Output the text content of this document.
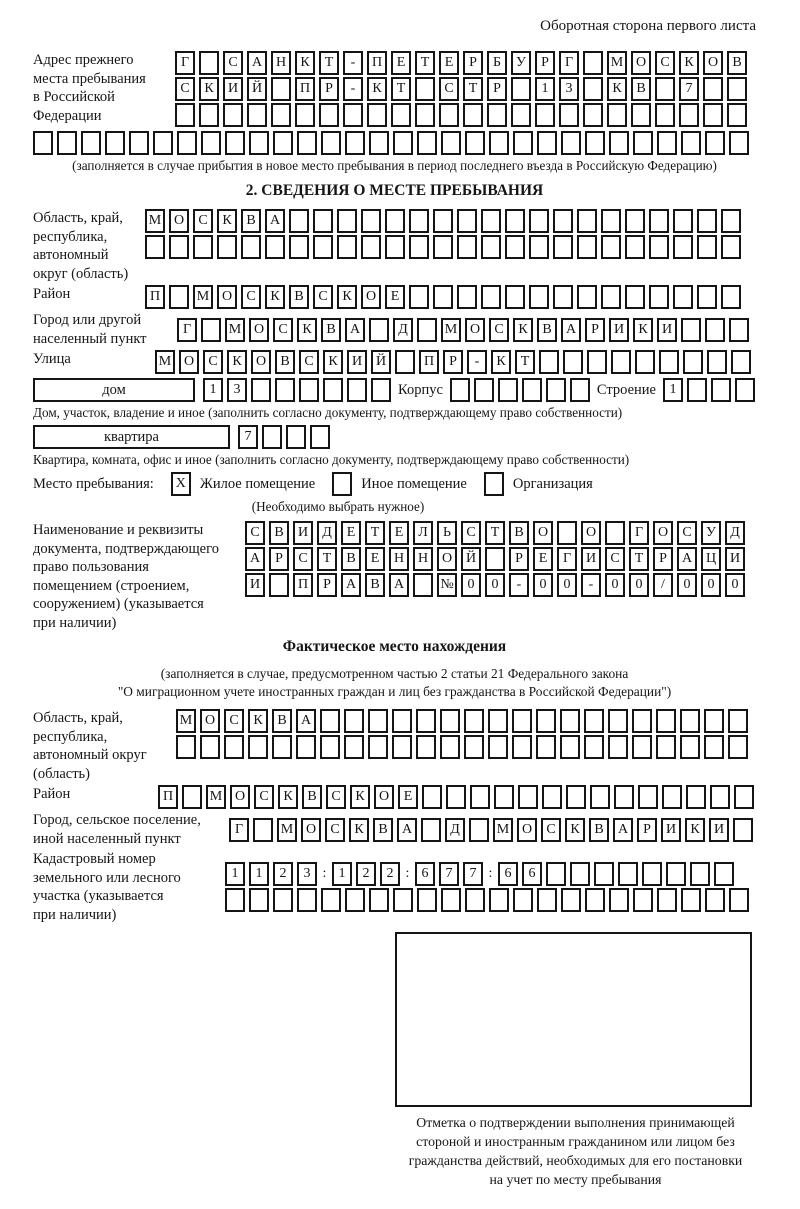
Оборотная сторона первого листа
Адрес прежнего
места пребывания
в Российской
Федерации
Г	С	А Н	К	Т	-	П	Е	Т	Е	Р	Б	У	Р	Г	М О	С	К	О	В
С	К	И Й	П	Р	-	К	Т	С	Т	Р	1	3	К	В	7
(заполняется в случае прибытия в новое место пребывания в период последнего въезда в Российскую Федерацию)
2. СВЕДЕНИЯ О МЕСТЕ ПРЕБЫВАНИЯ
Область, край,
республика,
автономный
округ (область)
М О	С	К	В	А
Район	П	М О	С	К	В	С	К	О	Е
Город или другой
населенный пункт
Г	М О	С	К	В	А	Д	М О	С	К	В	А	Р	И	К	И
Улица	М О	С	К	О	В	С	К	И Й	П	Р	-	К	Т
дом	1	3	Корпус	Строение 1
Дом, участок, владение и иное (заполнить согласно документу, подтверждающему право собственности)
квартира	7
Квартира, комната, офис и иное (заполнить согласно документу, подтверждающему право собственности)
Место пребывания:	X Жилое помещение	Иное помещение	Организация
(Необходимо выбрать нужное)
Наименование и реквизиты
документа, подтверждающего
право пользования
помещением (строением,
сооружением) (указывается
при наличии)
С	В	И	Д	Е	Т	Е	Л	Ь	С	Т	В	О	О	Г	О	С	У	Д
А	Р	С	Т	В	Е	Н Н О Й	Р	Е	Г	И	С	Т	Р	А Ц И
И	П	Р	А	В	А	№ 0	0	-	0	0	-	0	0	/	0	0	0
Фактическое место нахождения
(заполняется в случае, предусмотренном частью 2 статьи 21 Федерального закона
"О миграционном учете иностранных граждан и лиц без гражданства в Российской Федерации")
Область, край,
республика,
автономный округ
(область)
М О	С	К	В	А
Район	П	М О	С	К	В	С	К	О	Е
Город, сельское поселение,
иной населенный пункт
Г	М О	С	К	В	А	Д	М О	С	К	В	А	Р	И	К	И
Кадастровый номер
земельного или лесного
участка (указывается
при наличии)
1	1	2	3 : 1	2	2 : 6	7	7 : 6	6
Отметка о подтверждении выполнения принимающей
стороной и иностранным гражданином или лицом без
гражданства действий, необходимых для его постановки
на учет по месту пребывания
